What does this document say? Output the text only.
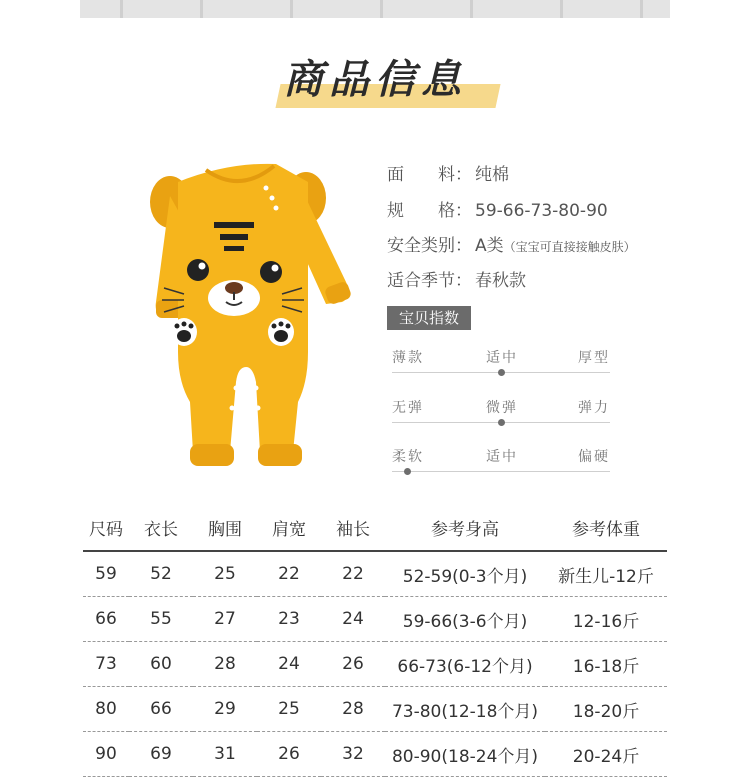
商品信息
面　　料： 纯棉
规　　格： 59-66-73-80-90
安全类别： A类（宝宝可直接接触皮肤）
适合季节： 春秋款
宝贝指数
薄款	适中	厚型
无弹	微弹	弹力
柔软	适中	偏硬
尺码	衣长	胸围	肩宽	袖长	参考身高	参考体重
59	52	25	22	22	52-59(0-3个月)	新生儿-12斤
66	55	27	23	24	59-66(3-6个月)	12-16斤
73	60	28	24	26	66-73(6-12个月)	16-18斤
80	66	29	25	28	73-80(12-18个月)	18-20斤
90	69	31	26	32	80-90(18-24个月)	20-24斤
